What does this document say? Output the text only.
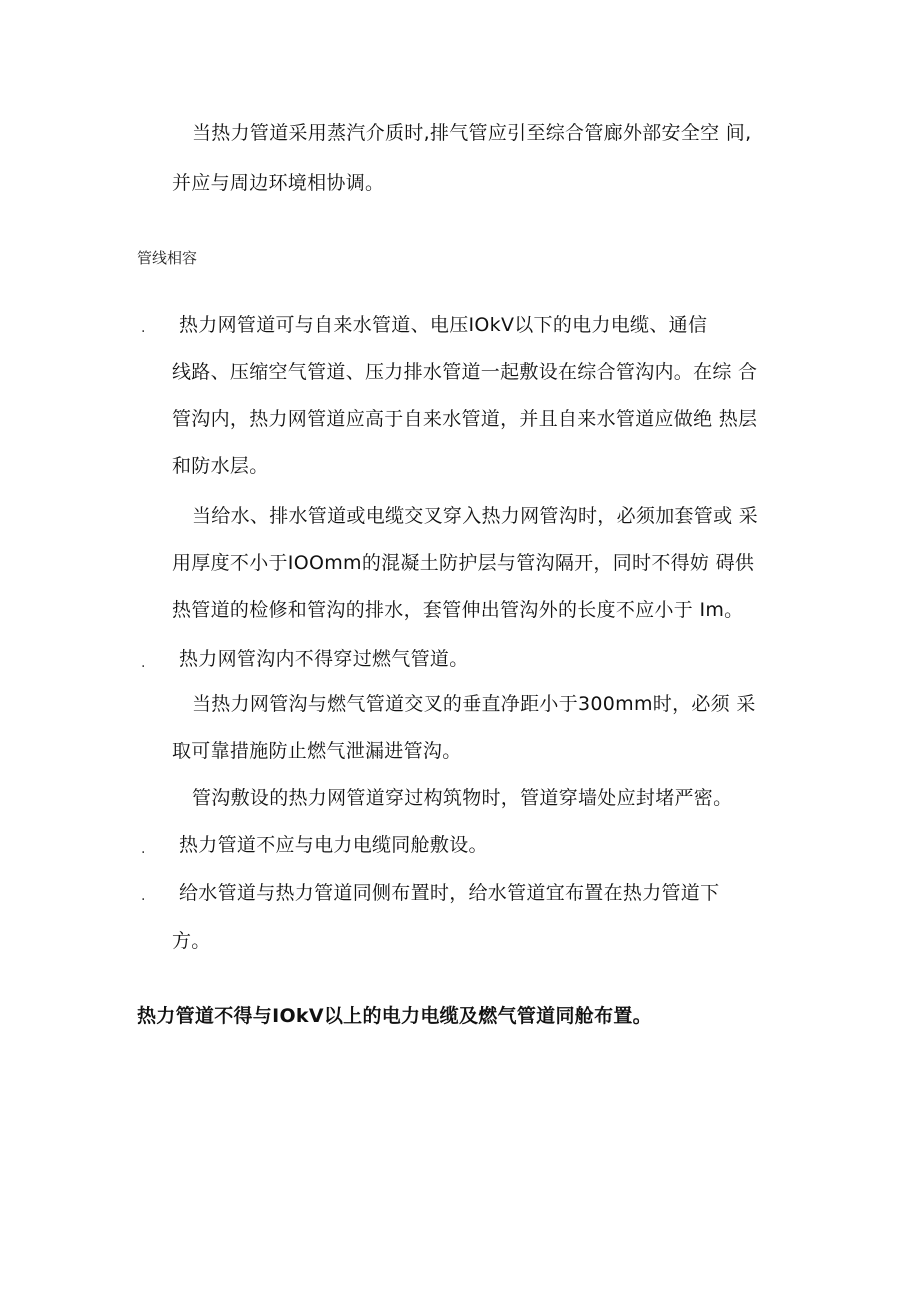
当热力管道采用蒸汽介质时,排气管应引至综合管廊外部安全空 间,
并应与周边环境相协调。
管线相容
. 热力网管道可与自来水管道、电压IOkV以下的电力电缆、通信
线路、压缩空气管道、压力排水管道一起敷设在综合管沟内。在综 合
管沟内，热力网管道应高于自来水管道，并且自来水管道应做绝 热层
和防水层。
当给水、排水管道或电缆交叉穿入热力网管沟时，必须加套管或 采
用厚度不小于IOOmm的混凝土防护层与管沟隔开，同时不得妨 碍供
热管道的检修和管沟的排水，套管伸出管沟外的长度不应小于 Im。
. 热力网管沟内不得穿过燃气管道。
当热力网管沟与燃气管道交叉的垂直净距小于300mm时，必须 采
取可靠措施防止燃气泄漏进管沟。
管沟敷设的热力网管道穿过构筑物时，管道穿墙处应封堵严密。
. 热力管道不应与电力电缆同舱敷设。
. 给水管道与热力管道同侧布置时，给水管道宜布置在热力管道下
方。
热力管道不得与IOkV以上的电力电缆及燃气管道同舱布置。
